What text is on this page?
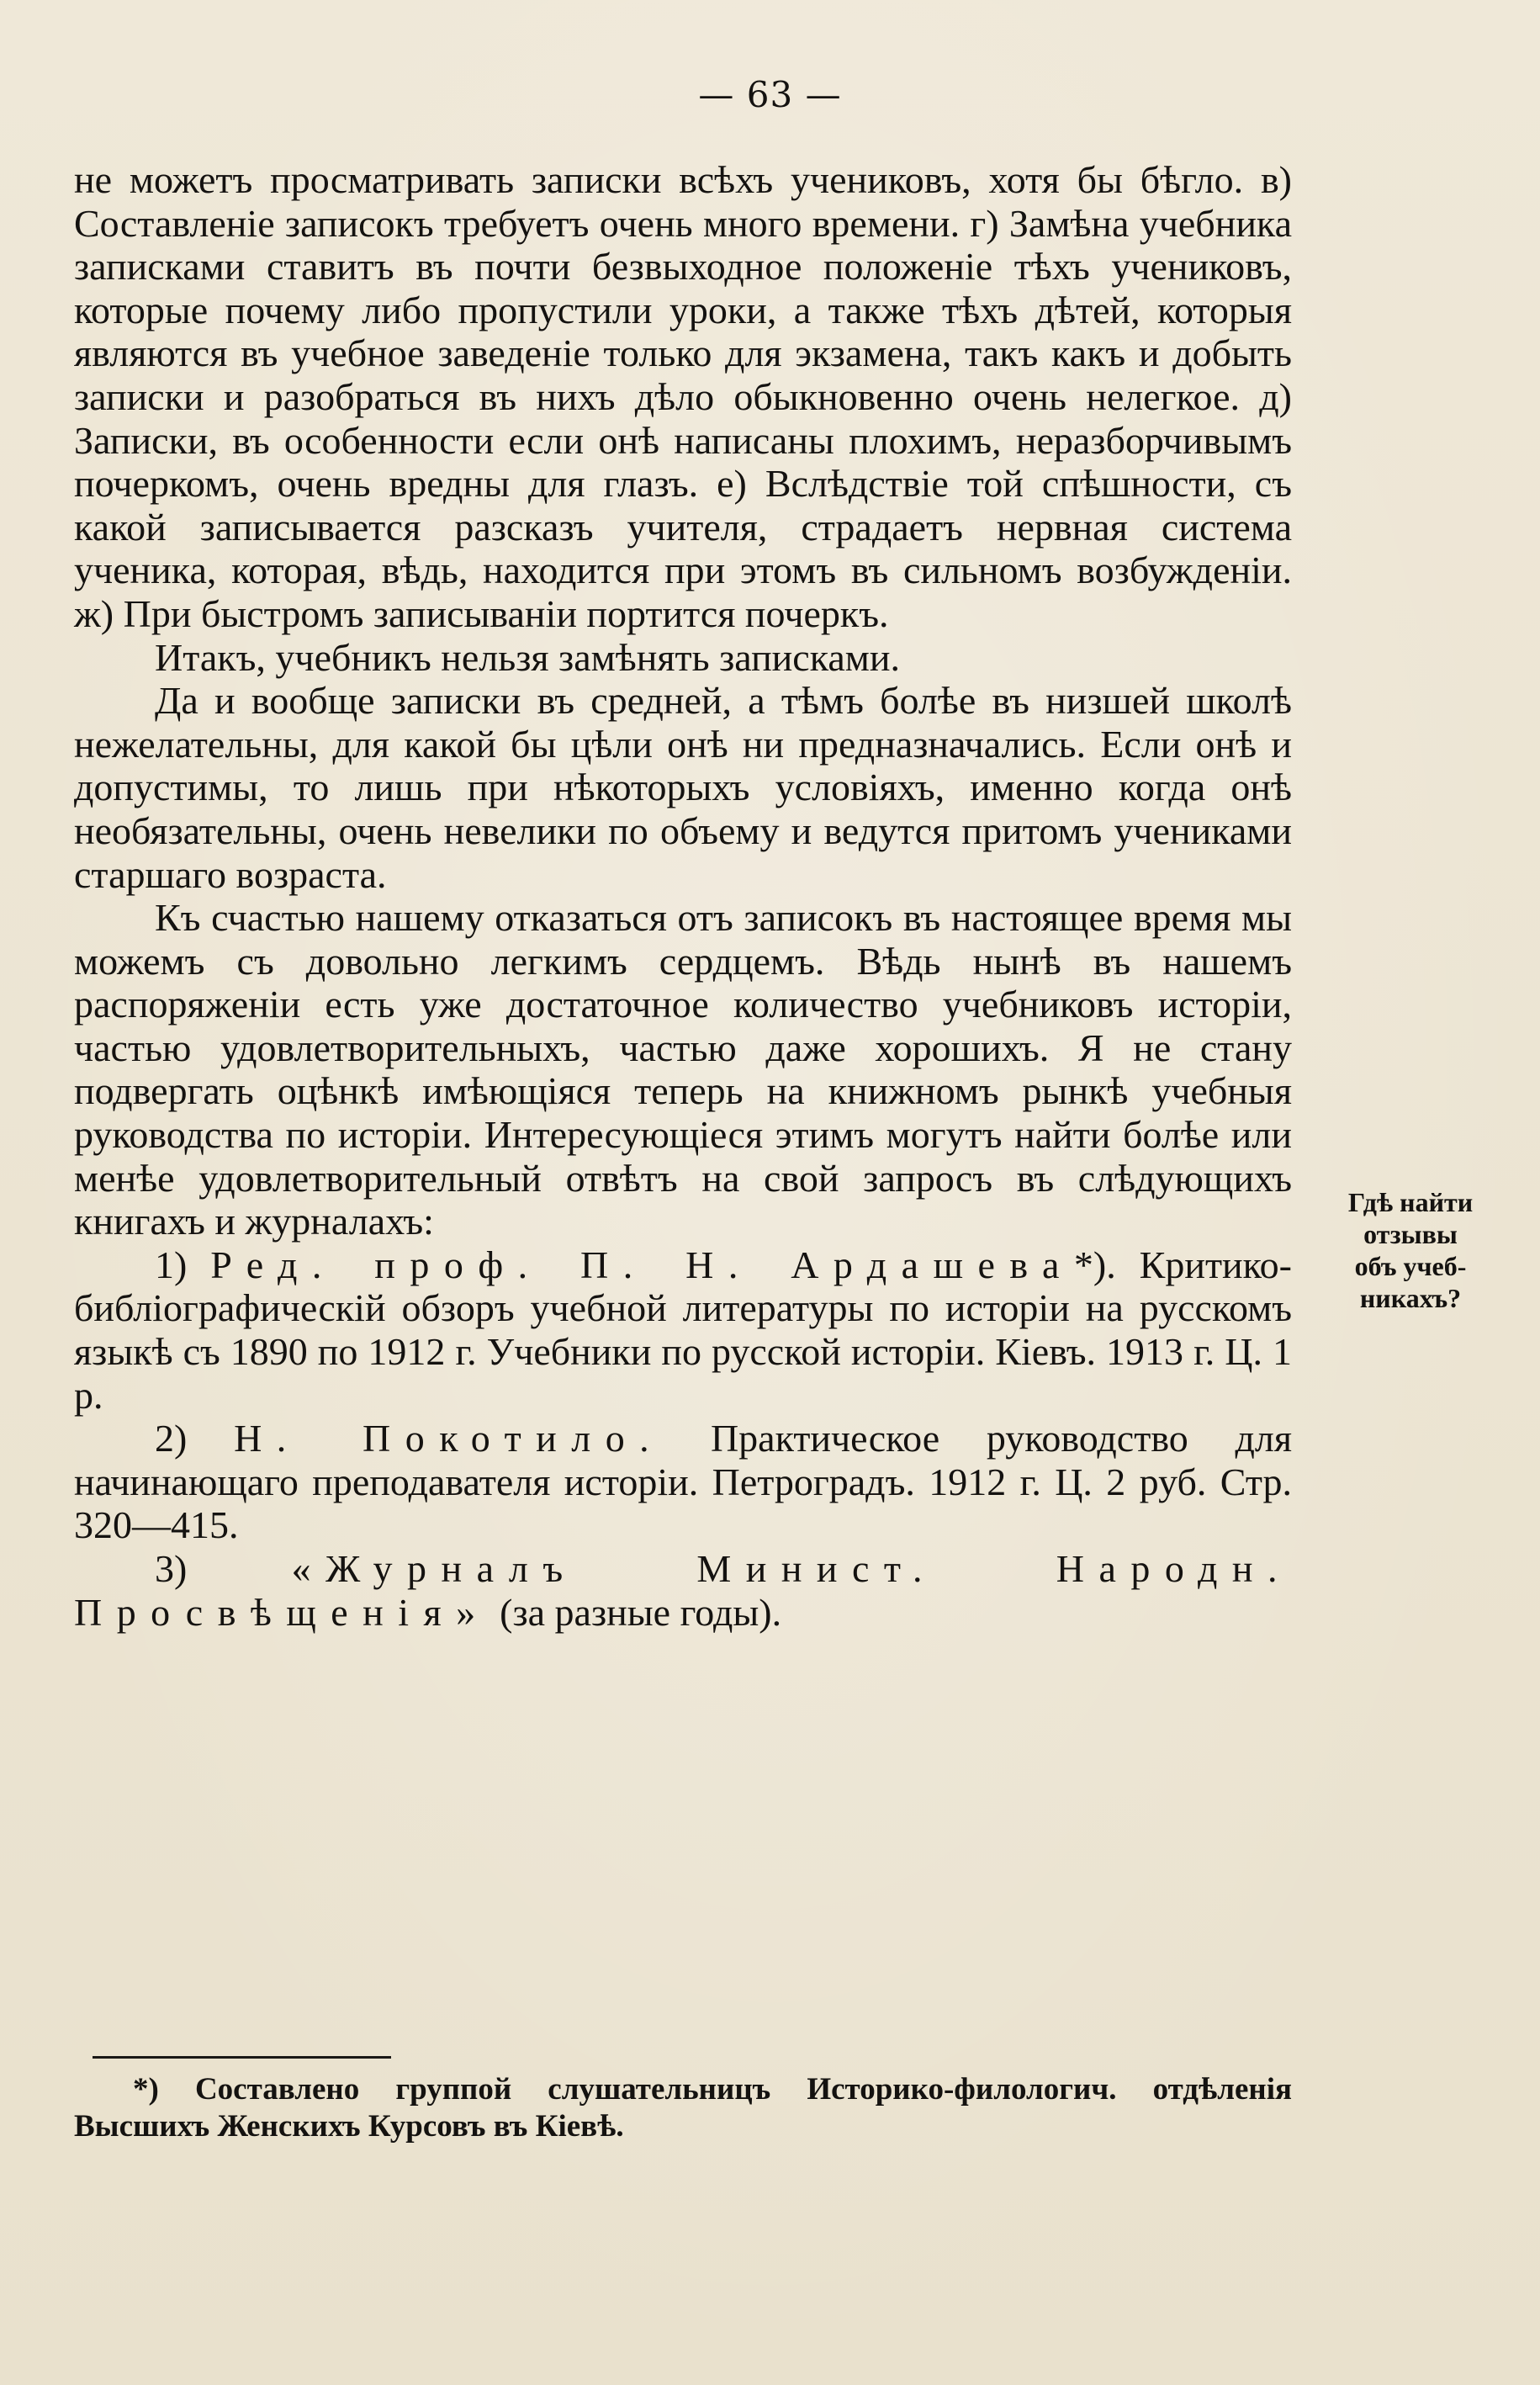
— 63 —

не можетъ просматривать записки всѣхъ учениковъ, хотя бы бѣгло. в) Составленіе записокъ требуетъ очень много времени. г) Замѣна учебника записками ставитъ въ почти безвыходное положеніе тѣхъ учениковъ, которые почему либо пропустили уроки, а также тѣхъ дѣтей, которыя являются въ учебное заведеніе только для экзамена, такъ какъ и добыть записки и разобраться въ нихъ дѣло обыкновенно очень нелегкое. д) Записки, въ особенности если онѣ написаны плохимъ, неразборчивымъ почеркомъ, очень вредны для глазъ. е) Вслѣдствіе той спѣшности, съ какой записывается разсказъ учителя, страдаетъ нервная система ученика, которая, вѣдь, находится при этомъ въ сильномъ возбужденіи. ж) При быстромъ записываніи портится почеркъ.

Итакъ, учебникъ нельзя замѣнять записками.

Да и вообще записки въ средней, а тѣмъ болѣе въ низшей школѣ нежелательны, для какой бы цѣли онѣ ни предназначались. Если онѣ и допустимы, то лишь при нѣкоторыхъ условіяхъ, именно когда онѣ необязательны, очень невелики по объему и ведутся притомъ учениками старшаго возраста.

Къ счастью нашему отказаться отъ записокъ въ настоящее время мы можемъ съ довольно легкимъ сердцемъ. Вѣдь нынѣ въ нашемъ распоряженіи есть уже достаточное количество учебниковъ исторіи, частью удовлетворительныхъ, частью даже хорошихъ. Я не стану подвергать оцѣнкѣ имѣющіяся теперь на книжномъ рынкѣ учебныя руководства по исторіи. Интересующіеся этимъ могутъ найти болѣе или менѣе удовлетворительный отвѣтъ на свой запросъ въ слѣдующихъ книгахъ и журналахъ:

1) Ред. проф. П. Н. Ардашева*). Критико-библіографическій обзоръ учебной литературы по исторіи на русскомъ языкѣ съ 1890 по 1912 г. Учебники по русской исторіи. Кіевъ. 1913 г. Ц. 1 р.

2) Н. Покотило. Практическое руководство для начинающаго преподавателя исторіи. Петроградъ. 1912 г. Ц. 2 руб. Стр. 320—415.

3)	«Журналъ Минист. Народн. Просвѣщенія» (за разные годы).

Гдѣ найти
отзывы
объ учеб-
никахъ?

*) Составлено группой слушательницъ Историко-филологич. отдѣленія Высшихъ Женскихъ Курсовъ въ Кіевѣ.
